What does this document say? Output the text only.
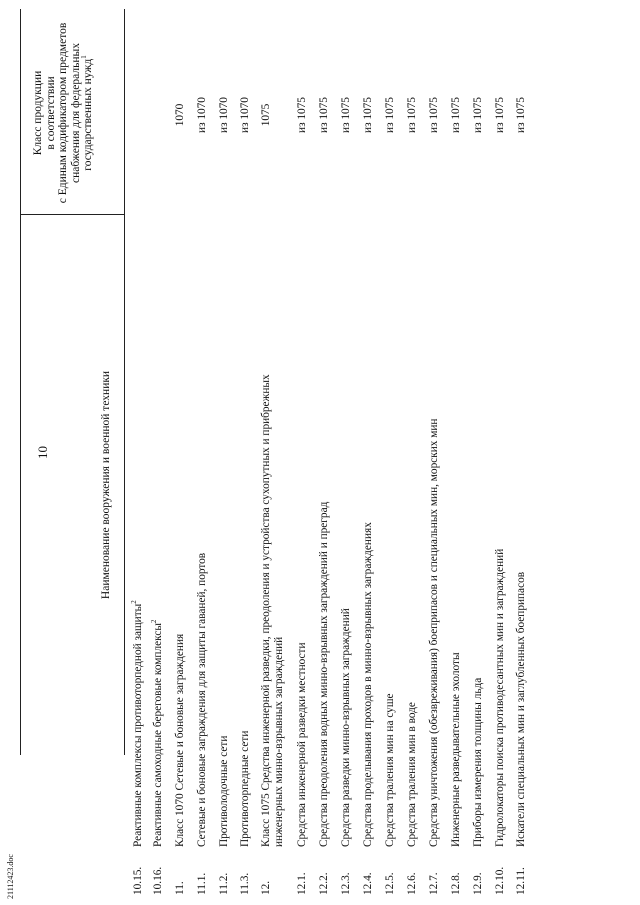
21112423.doc
10	Наименование вооружения и военной техники
Класс продукции в соответствии с Единым кодификатором предметов снабжения для федеральных государственных нужд$^1$
10.15.
Реактивные комплексы противоторпедной защиты$^2$
10.16.
Реактивные самоходные береговые комплексы$^2$
11.
Класс 1070 Сетевые и боновые заграждения
1070
11.1.
Сетевые и боновые заграждения для защиты гаваней, портов
из 1070
11.2.
Противолодочные сети
из 1070
11.3.
Противоторпедные сети
из 1070
12.
Класс 1075 Средства инженерной разведки, преодоления и устройства сухопутных и прибрежных инженерных минно-взрывных заграждений
1075
12.1.
Средства инженерной разведки местности
из 1075
12.2.
Средства преодоления водных минно-взрывных заграждений и преград
из 1075
12.3.
Средства разведки минно-взрывных заграждений
из 1075
12.4.
Средства проделывания проходов в минно-взрывных заграждениях
из 1075
12.5.
Средства траления мин на суше
из 1075
12.6.
Средства траления мин в воде
из 1075
12.7.
Средства уничтожения (обезвреживания) боеприпасов и специальных мин, морских мин
из 1075
12.8.
Инженерные разведывательные эхолоты
из 1075
12.9.
Приборы измерения толщины льда
из 1075
12.10.
Гидролокаторы поиска противодесантных мин и заграждений
из 1075
12.11.
Искатели специальных мин и заглубленных боеприпасов
из 1075
